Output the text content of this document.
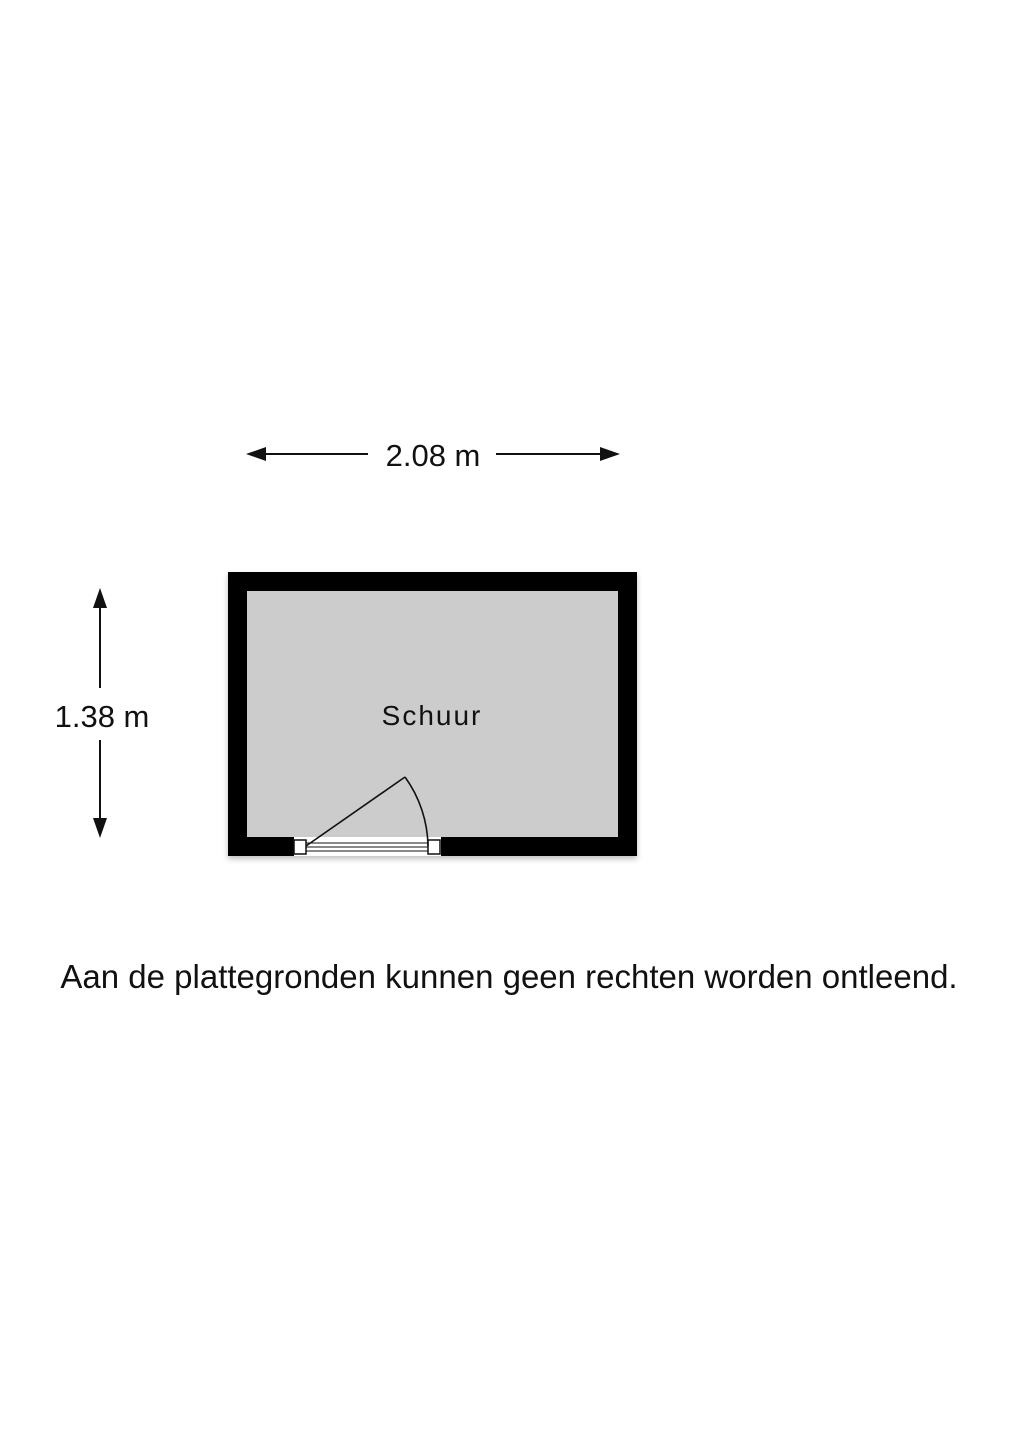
2.08 m
1.38 m	Schuur
Aan de plattegronden kunnen geen rechten worden ontleend.
